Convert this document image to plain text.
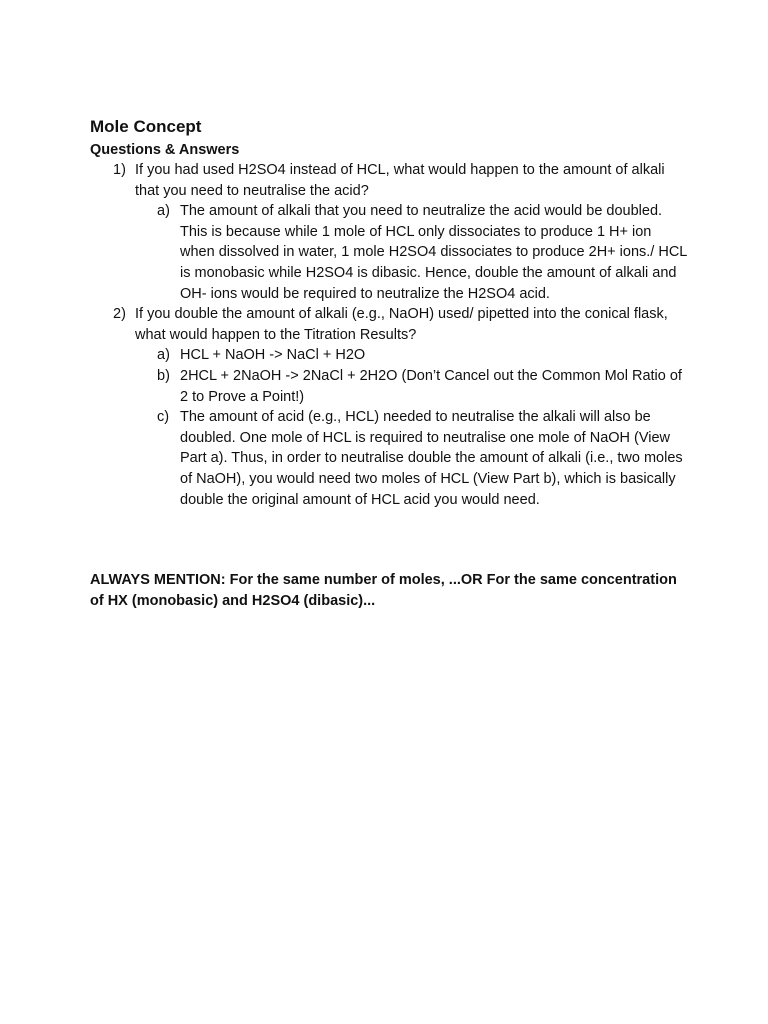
Mole Concept
Questions & Answers
1) If you had used H2SO4 instead of HCL, what would happen to the amount of alkali that you need to neutralise the acid?
a) The amount of alkali that you need to neutralize the acid would be doubled. This is because while 1 mole of HCL only dissociates to produce 1 H+ ion when dissolved in water, 1 mole H2SO4 dissociates to produce 2H+ ions./ HCL is monobasic while H2SO4 is dibasic. Hence, double the amount of alkali and OH- ions would be required to neutralize the H2SO4 acid.
2) If you double the amount of alkali (e.g., NaOH) used/ pipetted into the conical flask, what would happen to the Titration Results?
a) HCL + NaOH -> NaCl + H2O
b) 2HCL + 2NaOH -> 2NaCl + 2H2O (Don’t Cancel out the Common Mol Ratio of 2 to Prove a Point!)
c) The amount of acid (e.g., HCL) needed to neutralise the alkali will also be doubled. One mole of HCL is required to neutralise one mole of NaOH (View Part a). Thus, in order to neutralise double the amount of alkali (i.e., two moles of NaOH), you would need two moles of HCL (View Part b), which is basically double the original amount of HCL acid you would need.

ALWAYS MENTION: For the same number of moles, ...OR For the same concentration of HX (monobasic) and H2SO4 (dibasic)...
